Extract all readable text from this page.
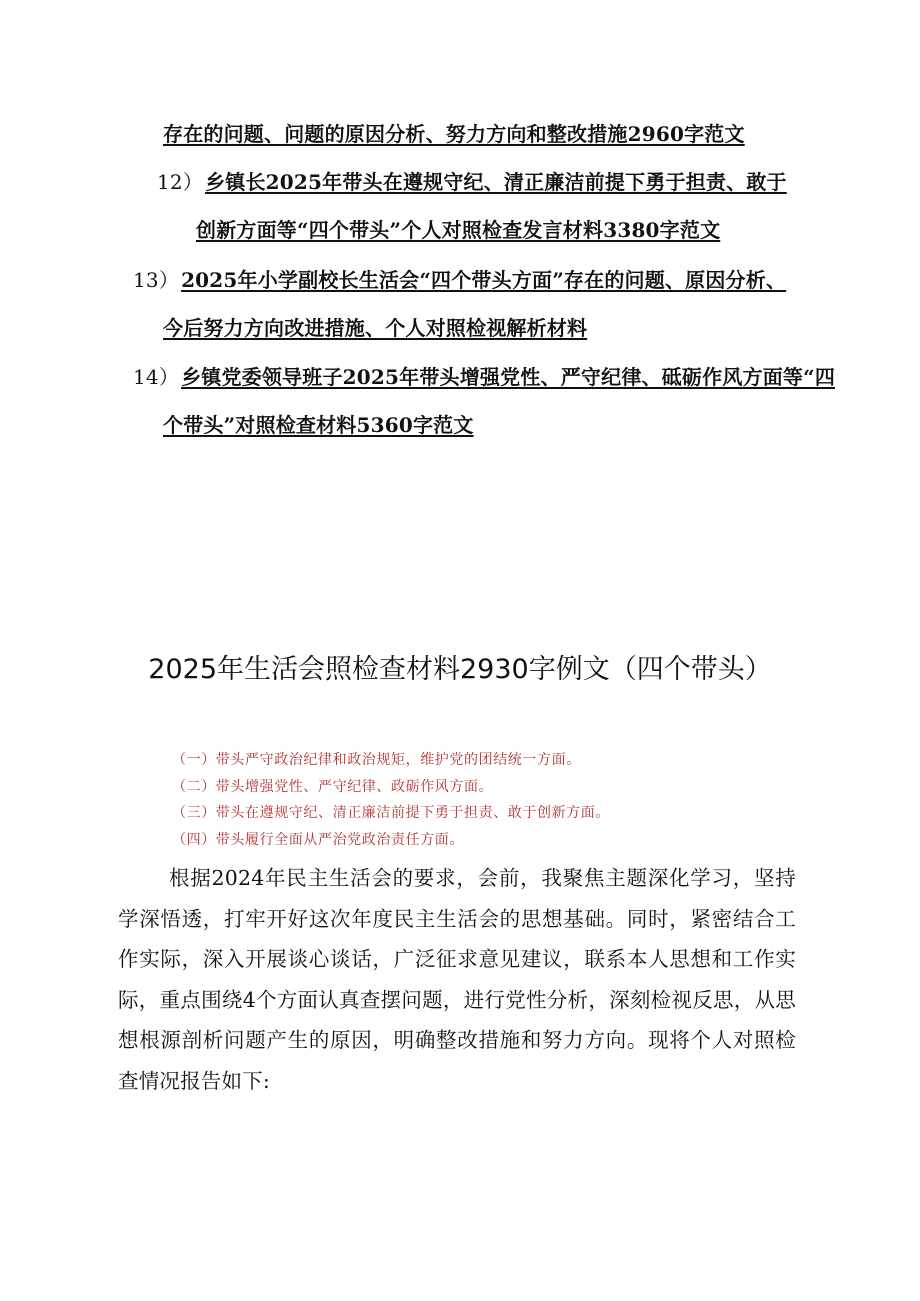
存在的问题、问题的原因分析、努力方向和整改措施2960字范文
12） 乡镇长2025年带头在遵规守纪、清正廉洁前提下勇于担责、敢于
创新方面等“四个带头”个人对照检查发言材料3380字范文
13） 2025年小学副校长生活会“四个带头方面”存在的问题、原因分析、
今后努力方向改进措施、个人对照检视解析材料
14） 乡镇党委领导班子2025年带头增强党性、严守纪律、砥砺作风方面等“四
个带头”对照检查材料5360字范文
2025年生活会照检查材料2930字例文（四个带头）
（一）带头严守政治纪律和政治规矩，维护党的团结统一方面。
（二）带头增强党性、严守纪律、政砺作风方面。
（三）带头在遵规守纪、清正廉洁前提下勇于担责、敢于创新方面。
（四）带头履行全面从严治党政治责任方面。

根据2024年民主生活会的要求，会前，我聚焦主题深化学习，坚持学深悟透，打牢开好这次年度民主生活会的思想基础。同时，紧密结合工作实际，深入开展谈心谈话，广泛征求意见建议，联系本人思想和工作实际，重点围绕4个方面认真查摆问题，进行党性分析，深刻检视反思，从思想根源剖析问题产生的原因，明确整改措施和努力方向。现将个人对照检查情况报告如下:
